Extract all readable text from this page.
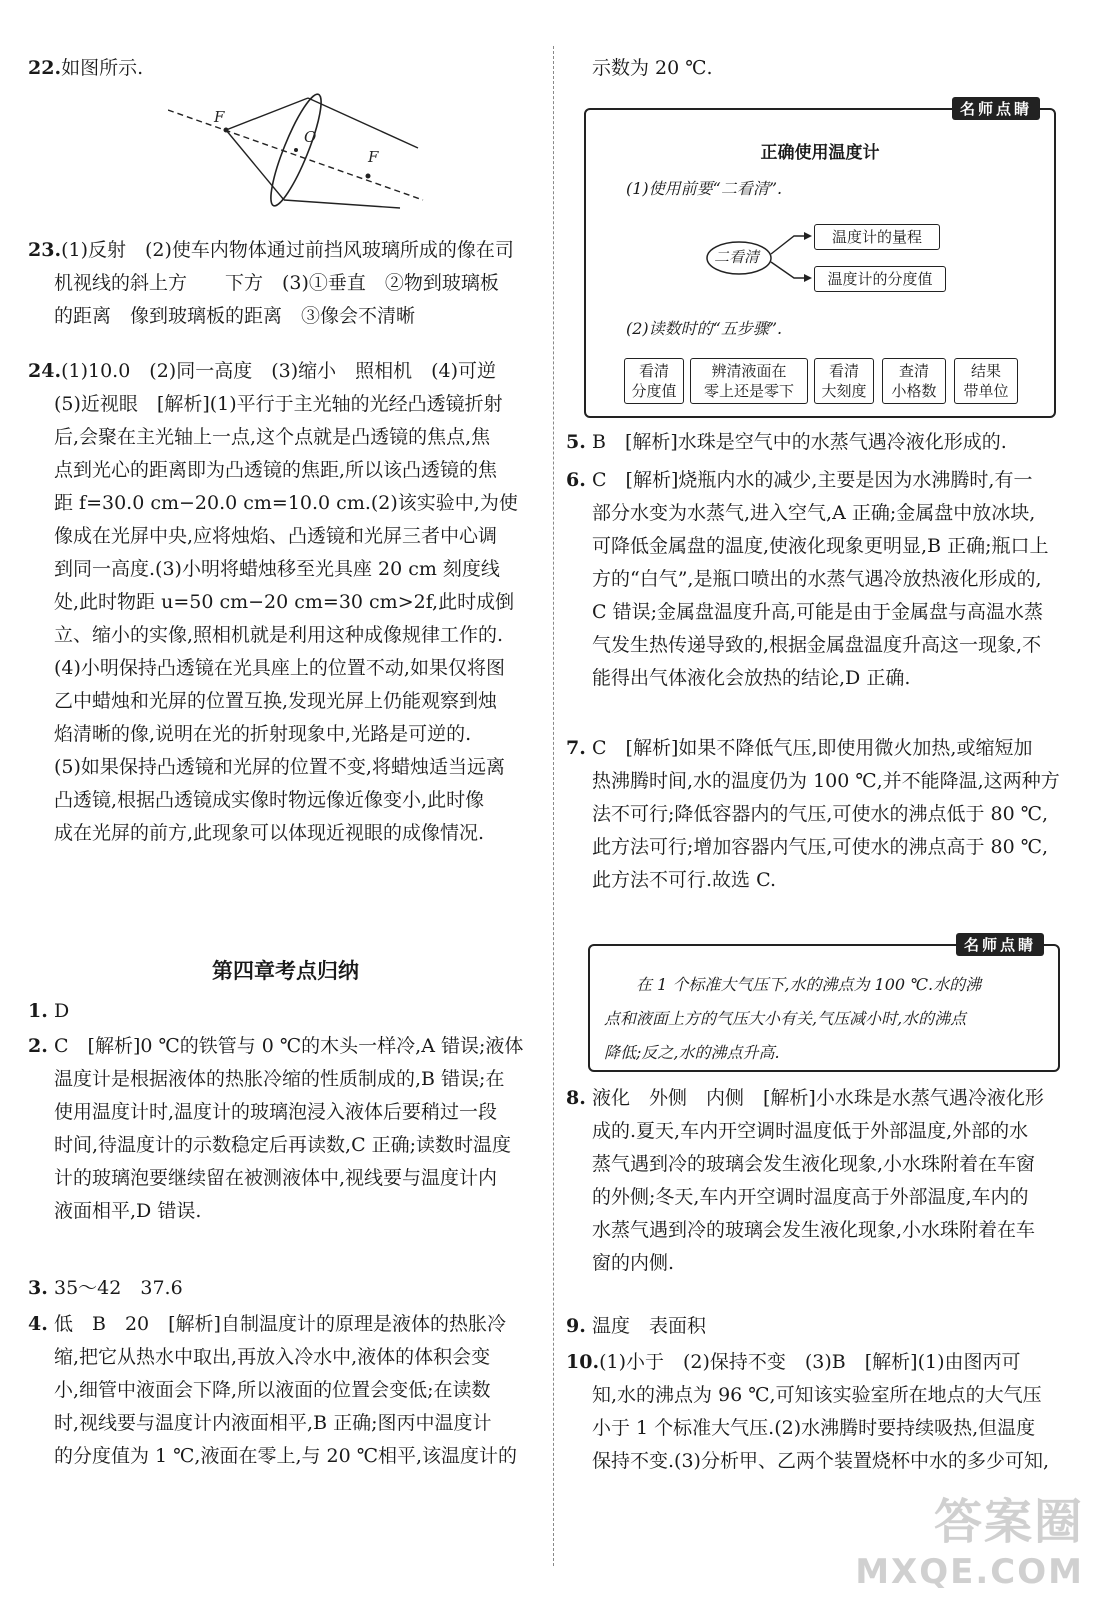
22.如图所示.

F
O
F

23.(1)反射　(2)使车内物体通过前挡风玻璃所成的像在司

机视线的斜上方　　下方　(3)①垂直　②物到玻璃板

的距离　像到玻璃板的距离　③像会不清晰

24.(1)10.0　(2)同一高度　(3)缩小　照相机　(4)可逆

(5)近视眼　[解析](1)平行于主光轴的光经凸透镜折射

后,会聚在主光轴上一点,这个点就是凸透镜的焦点,焦

点到光心的距离即为凸透镜的焦距,所以该凸透镜的焦

距 f=30.0 cm−20.0 cm=10.0 cm.(2)该实验中,为使

像成在光屏中央,应将烛焰、凸透镜和光屏三者中心调

到同一高度.(3)小明将蜡烛移至光具座 20 cm 刻度线

处,此时物距 u=50 cm−20 cm=30 cm>2f,此时成倒

立、缩小的实像,照相机就是利用这种成像规律工作的.

(4)小明保持凸透镜在光具座上的位置不动,如果仅将图

乙中蜡烛和光屏的位置互换,发现光屏上仍能观察到烛

焰清晰的像,说明在光的折射现象中,光路是可逆的.

(5)如果保持凸透镜和光屏的位置不变,将蜡烛适当远离

凸透镜,根据凸透镜成实像时物远像近像变小,此时像

成在光屏的前方,此现象可以体现近视眼的成像情况.

第四章考点归纳

1. D

2. C　[解析]0 ℃的铁管与 0 ℃的木头一样冷,A 错误;液体

温度计是根据液体的热胀冷缩的性质制成的,B 错误;在

使用温度计时,温度计的玻璃泡浸入液体后要稍过一段

时间,待温度计的示数稳定后再读数,C 正确;读数时温度

计的玻璃泡要继续留在被测液体中,视线要与温度计内

液面相平,D 错误.

3. 35～42　37.6

4. 低　B　20　[解析]自制温度计的原理是液体的热胀冷

缩,把它从热水中取出,再放入冷水中,液体的体积会变

小,细管中液面会下降,所以液面的位置会变低;在读数

时,视线要与温度计内液面相平,B 正确;图丙中温度计

的分度值为 1 ℃,液面在零上,与 20 ℃相平,该温度计的

示数为 20 ℃.

名师点睛
正确使用温度计
(1)使用前要“二看清”.
二看清
温度计的量程
温度计的分度值
(2)读数时的“五步骤”.
看清
分度值
辨清液面在
零上还是零下
看清
大刻度
查清
小格数
结果
带单位

5. B　[解析]水珠是空气中的水蒸气遇冷液化形成的.

6. C　[解析]烧瓶内水的减少,主要是因为水沸腾时,有一

部分水变为水蒸气,进入空气,A 正确;金属盘中放冰块,

可降低金属盘的温度,使液化现象更明显,B 正确;瓶口上

方的“白气”,是瓶口喷出的水蒸气遇冷放热液化形成的,

C 错误;金属盘温度升高,可能是由于金属盘与高温水蒸

气发生热传递导致的,根据金属盘温度升高这一现象,不

能得出气体液化会放热的结论,D 正确.

7. C　[解析]如果不降低气压,即使用微火加热,或缩短加

热沸腾时间,水的温度仍为 100 ℃,并不能降温,这两种方

法不可行;降低容器内的气压,可使水的沸点低于 80 ℃,

此方法可行;增加容器内气压,可使水的沸点高于 80 ℃,

此方法不可行.故选 C.

名师点睛
在 1 个标准大气压下,水的沸点为 100 ℃.水的沸
点和液面上方的气压大小有关,气压减小时,水的沸点
降低;反之,水的沸点升高.

8. 液化　外侧　内侧　[解析]小水珠是水蒸气遇冷液化形

成的.夏天,车内开空调时温度低于外部温度,外部的水

蒸气遇到冷的玻璃会发生液化现象,小水珠附着在车窗

的外侧;冬天,车内开空调时温度高于外部温度,车内的

水蒸气遇到冷的玻璃会发生液化现象,小水珠附着在车

窗的内侧.

9. 温度　表面积

10.(1)小于　(2)保持不变　(3)B　[解析](1)由图丙可

知,水的沸点为 96 ℃,可知该实验室所在地点的大气压

小于 1 个标准大气压.(2)水沸腾时要持续吸热,但温度

保持不变.(3)分析甲、乙两个装置烧杯中水的多少可知,

答案圈
MXQE.COM
